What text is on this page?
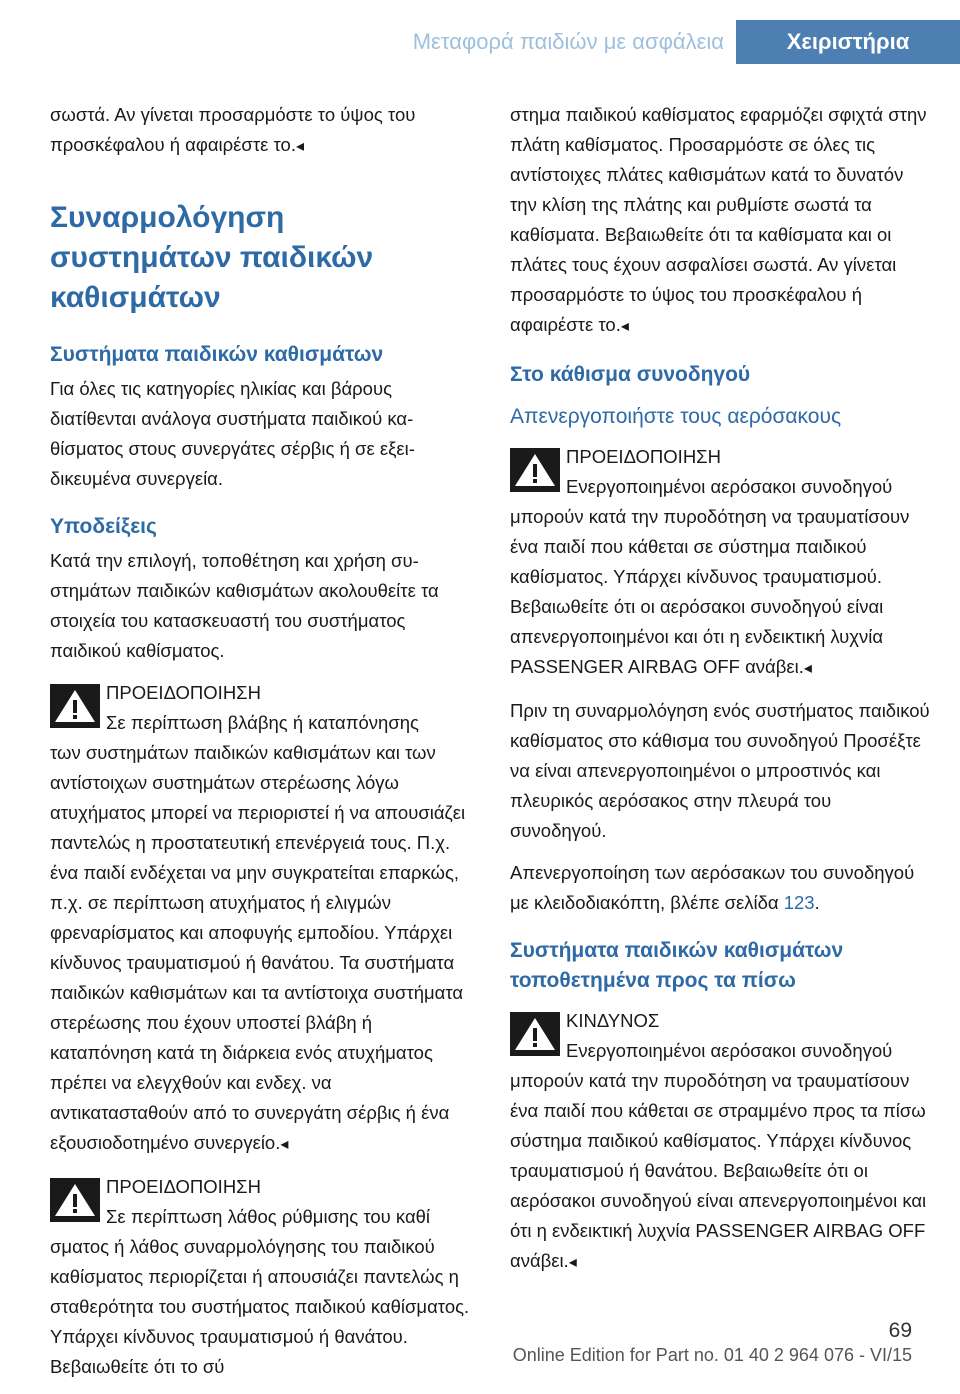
Μεταφορά παιδιών με ασφάλεια	Χειριστήρια

σωστά. Αν γίνεται προσαρμόστε το ύψος του προσκέφαλου ή αφαιρέστε το.◂

Συναρμολόγηση συστημάτων παιδικών καθισμάτων
Συστήματα παιδικών καθισμάτων

Για όλες τις κατηγορίες ηλικίας και βάρους διατίθενται ανάλογα συστήματα παιδικού καθίσματος στους συνεργάτες σέρβις ή σε εξειδικευμένα συνεργεία.

Υποδείξεις

Κατά την επιλογή, τοποθέτηση και χρήση συστημάτων παιδικών καθισμάτων ακολουθείτε τα στοιχεία του κατασκευαστή του συστήματος παιδικού καθίσματος.

ΠΡΟΕΙΔΟΠΟΙΗΣΗ

Σε περίπτωση βλάβης ή καταπόνησης
των συστημάτων παιδικών καθισμάτων και των αντίστοιχων συστημάτων στερέωσης λόγω ατυχήματος μπορεί να περιοριστεί ή να απουσιάζει παντελώς η προστατευτική επενέργειά τους. Π.χ. ένα παιδί ενδέχεται να μην συγκρατείται επαρκώς, π.χ. σε περίπτωση ατυχήματος ή ελιγμών φρεναρίσματος και αποφυγής εμποδίου. Υπάρχει κίνδυνος τραυματισμού ή θανάτου. Τα συστήματα παιδικών καθισμάτων και τα αντίστοιχα συστήματα στερέωσης που έχουν υποστεί βλάβη ή καταπόνηση κατά τη διάρκεια ενός ατυχήματος πρέπει να ελεγχθούν και ενδεχ. να αντικατασταθούν από το συνεργάτη σέρβις ή ένα εξουσιοδοτημένο συνεργείο.◂

ΠΡΟΕΙΔΟΠΟΙΗΣΗ

Σε περίπτωση λάθος ρύθμισης του καθί
σματος ή λάθος συναρμολόγησης του παιδικού καθίσματος περιορίζεται ή απουσιάζει παντελώς η σταθερότητα του συστήματος παιδικού καθίσματος. Υπάρχει κίνδυνος τραυματισμού ή θανάτου. Βεβαιωθείτε ότι το σύ

στημα παιδικού καθίσματος εφαρμόζει σφιχτά στην πλάτη καθίσματος. Προσαρμόστε σε όλες τις αντίστοιχες πλάτες καθισμάτων κατά το δυνατόν την κλίση της πλάτης και ρυθμίστε σωστά τα καθίσματα. Βεβαιωθείτε ότι τα καθίσματα και οι πλάτες τους έχουν ασφαλίσει σωστά. Αν γίνεται προσαρμόστε το ύψος του προσκέφαλου ή αφαιρέστε το.◂

Στο κάθισμα συνοδηγού
Απενεργοποιήστε τους αερόσακους

ΠΡΟΕΙΔΟΠΟΙΗΣΗ

Ενεργοποιημένοι αερόσακοι συνοδηγού
μπορούν κατά την πυροδότηση να τραυματίσουν ένα παιδί που κάθεται σε σύστημα παιδικού καθίσματος. Υπάρχει κίνδυνος τραυματισμού. Βεβαιωθείτε ότι οι αερόσακοι συνοδηγού είναι απενεργοποιημένοι και ότι η ενδεικτική λυχνία PASSENGER AIRBAG OFF ανάβει.◂

Πριν τη συναρμολόγηση ενός συστήματος παιδικού καθίσματος στο κάθισμα του συνοδηγού Προσέξτε να είναι απενεργοποιημένοι ο μπροστινός και πλευρικός αερόσακος στην πλευρά του συνοδηγού.

Απενεργοποίηση των αερόσακων του συνοδηγού με κλειδοδιακόπτη, βλέπε σελίδα 123.

Συστήματα παιδικών καθισμάτων τοποθετημένα προς τα πίσω

ΚΙΝΔΥΝΟΣ

Ενεργοποιημένοι αερόσακοι συνοδηγού
μπορούν κατά την πυροδότηση να τραυματίσουν ένα παιδί που κάθεται σε στραμμένο προς τα πίσω σύστημα παιδικού καθίσματος. Υπάρχει κίνδυνος τραυματισμού ή θανάτου. Βεβαιωθείτε ότι οι αερόσακοι συνοδηγού είναι απενεργοποιημένοι και ότι η ενδεικτική λυχνία PASSENGER AIRBAG OFF ανάβει.◂

69
Online Edition for Part no. 01 40 2 964 076 - VI/15
